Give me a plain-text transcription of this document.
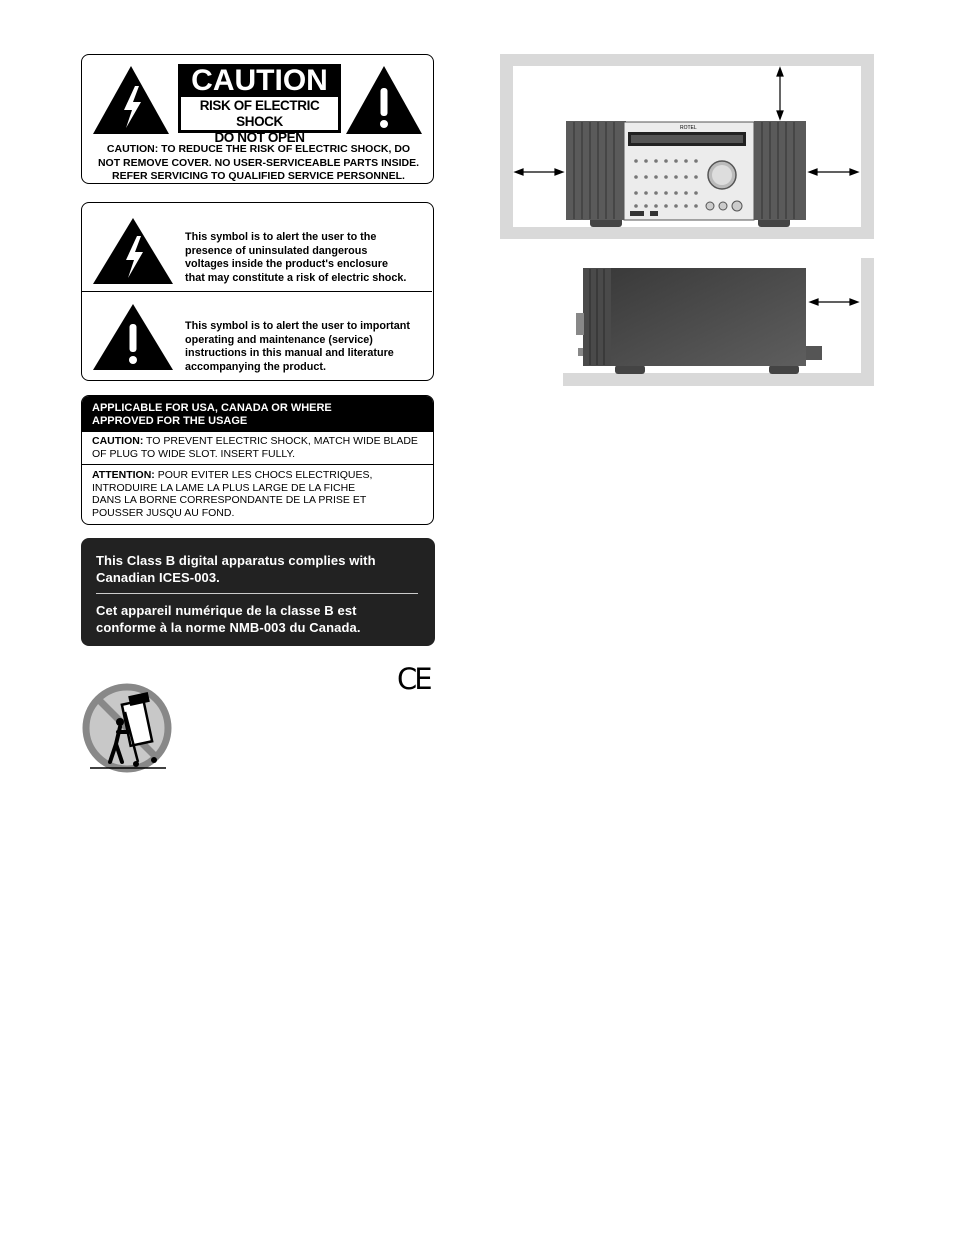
CAUTION
RISK OF ELECTRIC SHOCK
DO NOT OPEN
CAUTION: TO REDUCE THE RISK OF ELECTRIC SHOCK, DO
NOT REMOVE COVER. NO USER-SERVICEABLE PARTS INSIDE.
REFER SERVICING TO QUALIFIED SERVICE PERSONNEL.
This symbol is to alert the user to the
presence of uninsulated dangerous
voltages inside the product's enclosure
that may constitute a risk of electric shock.
This symbol is to alert the user to important
operating and maintenance (service)
instructions in this manual and literature
accompanying the product.
APPLICABLE FOR USA, CANADA OR WHERE
APPROVED FOR THE USAGE
CAUTION: TO PREVENT ELECTRIC SHOCK, MATCH WIDE BLADE
OF PLUG TO WIDE SLOT. INSERT FULLY.
ATTENTION: POUR EVITER LES CHOCS ELECTRIQUES,
INTRODUIRE LA LAME LA PLUS LARGE DE LA FICHE
DANS LA BORNE CORRESPONDANTE DE LA PRISE ET
POUSSER JUSQU AU FOND.
This Class B digital apparatus complies with
Canadian ICES-003.
Cet appareil numérique de la classe B est
conforme à la norme NMB-003 du Canada.
CE
ROTEL
